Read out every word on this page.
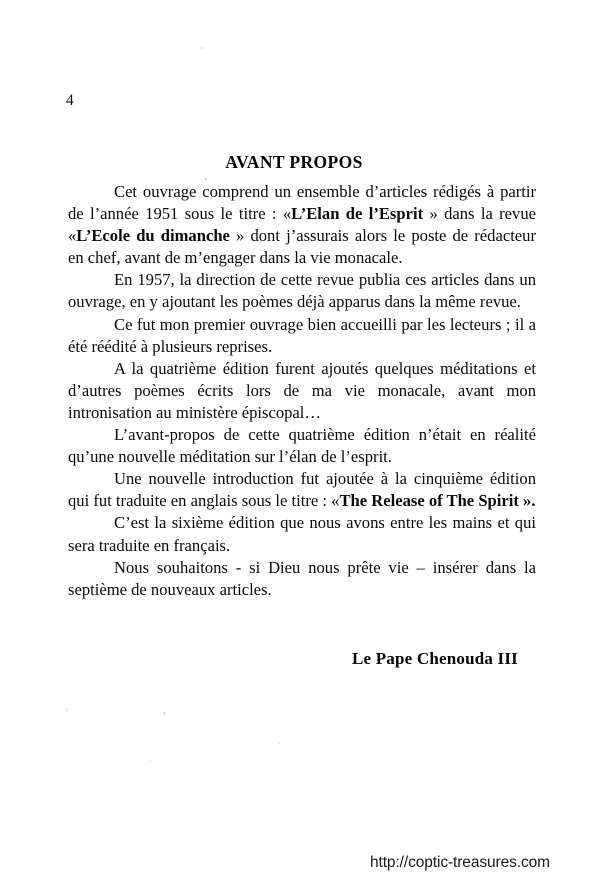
4
AVANT PROPOS

Cet ouvrage comprend un ensemble d’articles rédigés à partir de l’année 1951 sous le titre : «L’Elan de l’Esprit » dans la revue «L’Ecole du dimanche » dont j’assurais alors le poste de rédacteur en chef, avant de m’engager dans la vie monacale.

En 1957, la direction de cette revue publia ces articles dans un ouvrage, en y ajoutant les poèmes déjà apparus dans la même revue.

Ce fut mon premier ouvrage bien accueilli par les lecteurs ; il a été réédité à plusieurs reprises.

A la quatrième édition furent ajoutés quelques méditations et d’autres poèmes écrits lors de ma vie monacale, avant mon intronisation au ministère épiscopal…

L’avant-propos de cette quatrième édition n’était en réalité qu’une nouvelle méditation sur l’élan de l’esprit.

Une nouvelle introduction fut ajoutée à la cinquième édition qui fut traduite en anglais sous le titre : «The Release of The Spirit ».

C’est la sixième édition que nous avons entre les mains et qui sera traduite en français.

Nous souhaitons - si Dieu nous prête vie – insérer dans la septième de nouveaux articles.

Le Pape Chenouda III
http://coptic-treasures.com
